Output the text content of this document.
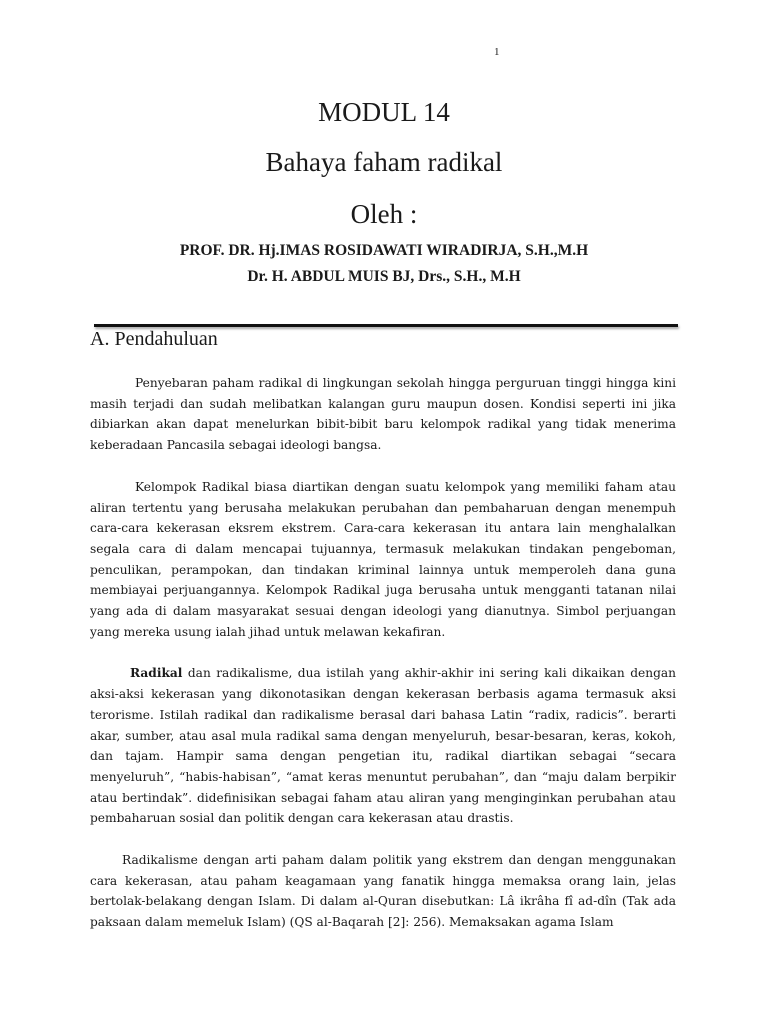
1
MODUL 14
Bahaya faham radikal
Oleh :
PROF. DR. Hj.IMAS ROSIDAWATI WIRADIRJA, S.H.,M.H
Dr. H. ABDUL MUIS BJ, Drs., S.H., M.H
A. Pendahuluan

Penyebaran paham radikal di lingkungan sekolah hingga perguruan tinggi hingga kini masih terjadi dan sudah melibatkan kalangan guru maupun dosen. Kondisi seperti ini jika dibiarkan akan dapat menelurkan bibit-bibit baru kelompok radikal yang tidak menerima keberadaan Pancasila sebagai ideologi bangsa.

Kelompok Radikal biasa diartikan dengan suatu kelompok yang memiliki faham atau aliran tertentu yang berusaha melakukan perubahan dan pembaharuan dengan menempuh cara-cara kekerasan eksrem ekstrem. Cara-cara kekerasan itu antara lain menghalalkan segala cara di dalam mencapai tujuannya, termasuk melakukan tindakan pengeboman, penculikan, perampokan, dan tindakan kriminal lainnya untuk memperoleh dana guna membiayai perjuangannya. Kelompok Radikal juga berusaha untuk mengganti tatanan nilai yang ada di dalam masyarakat sesuai dengan ideologi yang dianutnya. Simbol perjuangan yang mereka usung ialah jihad untuk melawan kekafiran.

Radikal dan radikalisme, dua istilah yang akhir-akhir ini sering kali dikaikan dengan aksi-aksi kekerasan yang dikonotasikan dengan kekerasan berbasis agama termasuk aksi terorisme. Istilah radikal dan radikalisme berasal dari bahasa Latin “radix, radicis”. berarti akar, sumber, atau asal mula radikal sama dengan menyeluruh, besar-besaran, keras, kokoh, dan tajam. Hampir sama dengan pengetian itu, radikal diartikan sebagai “secara menyeluruh”, “habis-habisan”, “amat keras menuntut perubahan”, dan “maju dalam berpikir atau bertindak”. didefinisikan sebagai faham atau aliran yang menginginkan perubahan atau pembaharuan sosial dan politik dengan cara kekerasan atau drastis.

Radikalisme dengan arti paham dalam politik yang ekstrem dan dengan menggunakan cara kekerasan, atau paham keagamaan yang fanatik hingga memaksa orang lain, jelas bertolak-belakang dengan Islam. Di dalam al-Quran disebutkan: Lâ ikrâha fî ad-dîn (Tak ada paksaan dalam memeluk Islam) (QS al-Baqarah [2]: 256). Memaksakan agama Islam
